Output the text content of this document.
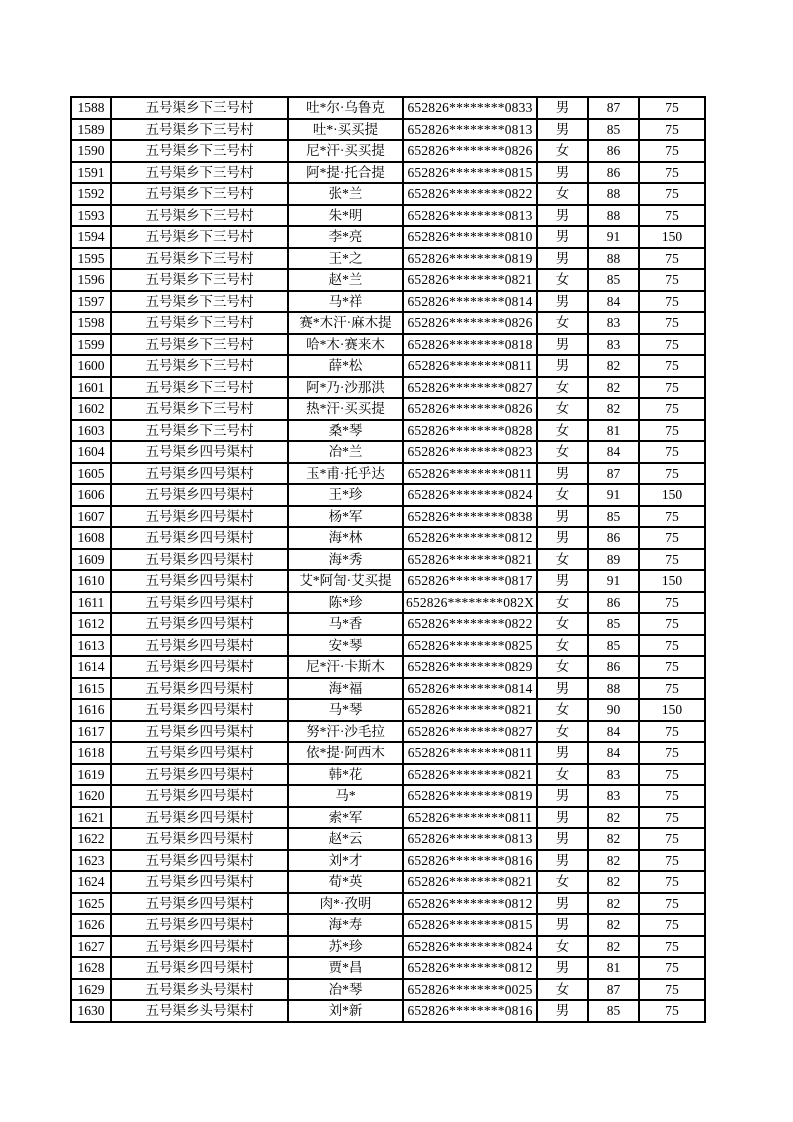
1588	五号渠乡下三号村	吐*尔·乌鲁克	652826********0833	男	87	75
1589	五号渠乡下三号村	吐*·买买提	652826********0813	男	85	75
1590	五号渠乡下三号村	尼*汗·买买提	652826********0826	女	86	75
1591	五号渠乡下三号村	阿*提·托合提	652826********0815	男	86	75
1592	五号渠乡下三号村	张*兰	652826********0822	女	88	75
1593	五号渠乡下三号村	朱*明	652826********0813	男	88	75
1594	五号渠乡下三号村	李*亮	652826********0810	男	91	150
1595	五号渠乡下三号村	王*之	652826********0819	男	88	75
1596	五号渠乡下三号村	赵*兰	652826********0821	女	85	75
1597	五号渠乡下三号村	马*祥	652826********0814	男	84	75
1598	五号渠乡下三号村	赛*木汗·麻木提	652826********0826	女	83	75
1599	五号渠乡下三号村	哈*木·赛来木	652826********0818	男	83	75
1600	五号渠乡下三号村	薛*松	652826********0811	男	82	75
1601	五号渠乡下三号村	阿*乃·沙那洪	652826********0827	女	82	75
1602	五号渠乡下三号村	热*汗·买买提	652826********0826	女	82	75
1603	五号渠乡下三号村	桑*琴	652826********0828	女	81	75
1604	五号渠乡四号渠村	冶*兰	652826********0823	女	84	75
1605	五号渠乡四号渠村	玉*甫·托乎达	652826********0811	男	87	75
1606	五号渠乡四号渠村	王*珍	652826********0824	女	91	150
1607	五号渠乡四号渠村	杨*军	652826********0838	男	85	75
1608	五号渠乡四号渠村	海*林	652826********0812	男	86	75
1609	五号渠乡四号渠村	海*秀	652826********0821	女	89	75
1610	五号渠乡四号渠村	艾*阿訇·艾买提	652826********0817	男	91	150
1611	五号渠乡四号渠村	陈*珍	652826********082X	女	86	75
1612	五号渠乡四号渠村	马*香	652826********0822	女	85	75
1613	五号渠乡四号渠村	安*琴	652826********0825	女	85	75
1614	五号渠乡四号渠村	尼*汗·卡斯木	652826********0829	女	86	75
1615	五号渠乡四号渠村	海*福	652826********0814	男	88	75
1616	五号渠乡四号渠村	马*琴	652826********0821	女	90	150
1617	五号渠乡四号渠村	努*汗·沙毛拉	652826********0827	女	84	75
1618	五号渠乡四号渠村	依*提·阿西木	652826********0811	男	84	75
1619	五号渠乡四号渠村	韩*花	652826********0821	女	83	75
1620	五号渠乡四号渠村	马*	652826********0819	男	83	75
1621	五号渠乡四号渠村	索*军	652826********0811	男	82	75
1622	五号渠乡四号渠村	赵*云	652826********0813	男	82	75
1623	五号渠乡四号渠村	刘*才	652826********0816	男	82	75
1624	五号渠乡四号渠村	荀*英	652826********0821	女	82	75
1625	五号渠乡四号渠村	肉*·孜明	652826********0812	男	82	75
1626	五号渠乡四号渠村	海*寿	652826********0815	男	82	75
1627	五号渠乡四号渠村	苏*珍	652826********0824	女	82	75
1628	五号渠乡四号渠村	贾*昌	652826********0812	男	81	75
1629	五号渠乡头号渠村	冶*琴	652826********0025	女	87	75
1630	五号渠乡头号渠村	刘*新	652826********0816	男	85	75
